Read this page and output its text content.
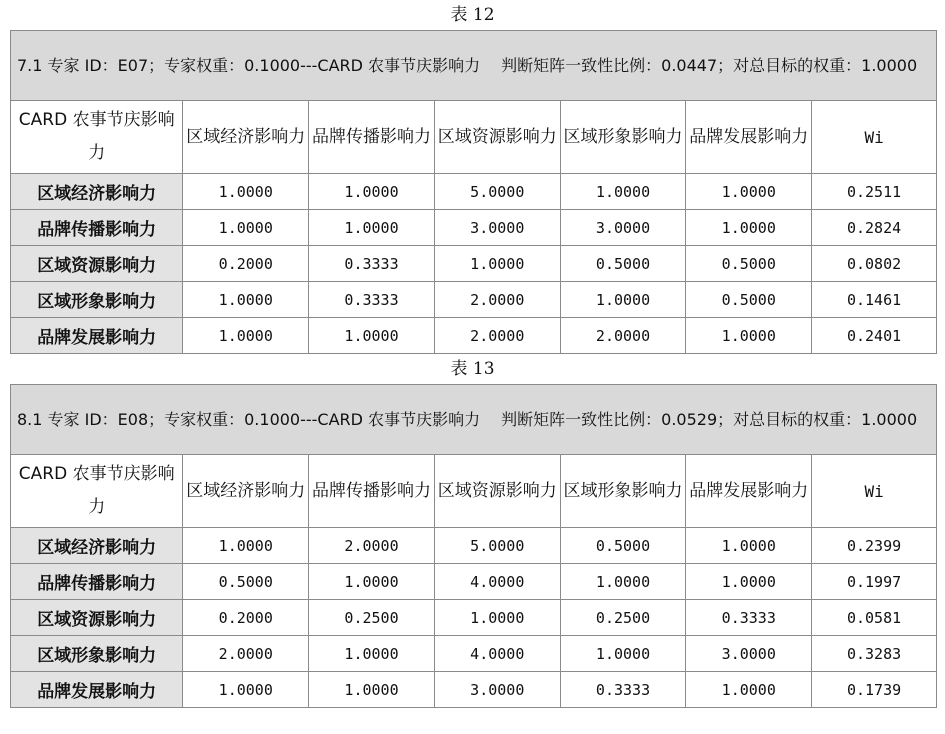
表 12
7.1 专家 ID：E07；专家权重：0.1000---CARD 农事节庆影响力　 判断矩阵一致性比例：0.0447；对总目标的权重：1.0000						
CARD 农事节庆影响力	区域经济影响力	品牌传播影响力	区域资源影响力	区域形象影响力	品牌发展影响力	Wi
区域经济影响力	1.0000	1.0000	5.0000	1.0000	1.0000	0.2511
品牌传播影响力	1.0000	1.0000	3.0000	3.0000	1.0000	0.2824
区域资源影响力	0.2000	0.3333	1.0000	0.5000	0.5000	0.0802
区域形象影响力	1.0000	0.3333	2.0000	1.0000	0.5000	0.1461
品牌发展影响力	1.0000	1.0000	2.0000	2.0000	1.0000	0.2401
表 13
8.1 专家 ID：E08；专家权重：0.1000---CARD 农事节庆影响力　 判断矩阵一致性比例：0.0529；对总目标的权重：1.0000						
CARD 农事节庆影响力	区域经济影响力	品牌传播影响力	区域资源影响力	区域形象影响力	品牌发展影响力	Wi
区域经济影响力	1.0000	2.0000	5.0000	0.5000	1.0000	0.2399
品牌传播影响力	0.5000	1.0000	4.0000	1.0000	1.0000	0.1997
区域资源影响力	0.2000	0.2500	1.0000	0.2500	0.3333	0.0581
区域形象影响力	2.0000	1.0000	4.0000	1.0000	3.0000	0.3283
品牌发展影响力	1.0000	1.0000	3.0000	0.3333	1.0000	0.1739
